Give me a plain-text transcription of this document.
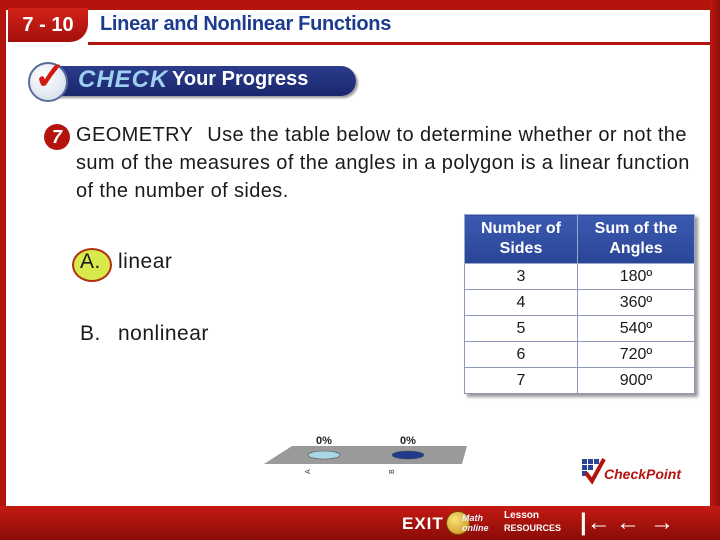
7 - 10	Linear and Nonlinear Functions
✓ CHECK Your Progress
7 GEOMETRY Use the table below to determine whether or not the sum of the measures of the angles in a polygon is a linear function of the number of sides.
A. linear
B. nonlinear
Number of Sides	Sum of the Angles
3	180º
4	360º
5	540º
6	720º
7	900º
0%
A
0%
B	CheckPoint
EXIT Math
online
Lesson
RESOURCES |← ← →
